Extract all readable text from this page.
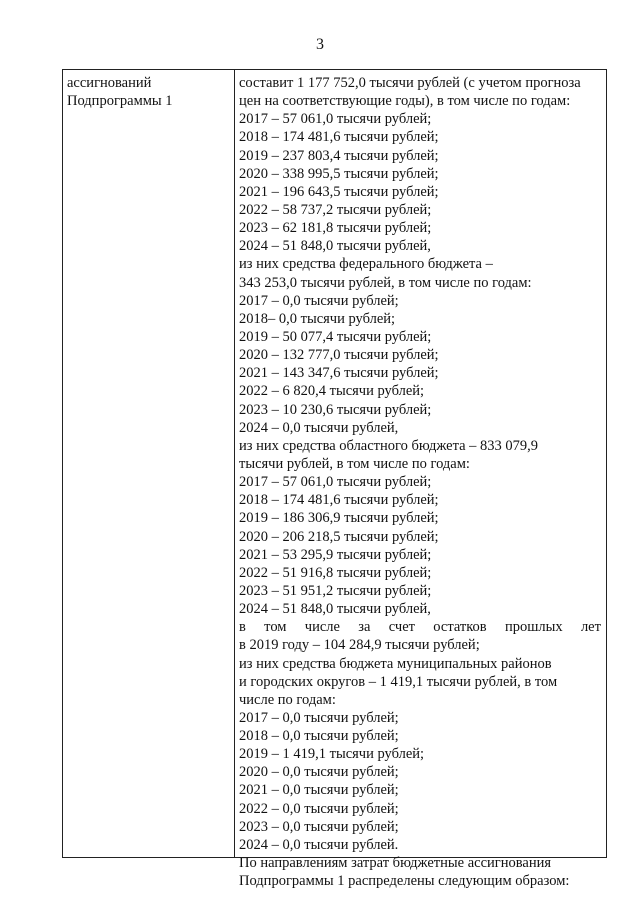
3
ассигнований
Подпрограммы 1
составит 1 177 752,0 тысячи рублей (с учетом прогноза
цен на соответствующие годы), в том числе по годам:
2017 – 57 061,0 тысячи рублей;
2018 – 174 481,6 тысячи рублей;
2019 – 237 803,4 тысячи рублей;
2020 – 338 995,5 тысячи рублей;
2021 – 196 643,5 тысячи рублей;
2022 – 58 737,2 тысячи рублей;
2023 – 62 181,8 тысячи рублей;
2024 – 51 848,0 тысячи рублей,
из них средства федерального бюджета –
343 253,0 тысячи рублей, в том числе по годам:
2017 – 0,0 тысячи рублей;
2018– 0,0 тысячи рублей;
2019 – 50 077,4 тысячи рублей;
2020 – 132 777,0 тысячи рублей;
2021 – 143 347,6 тысячи рублей;
2022 – 6 820,4 тысячи рублей;
2023 – 10 230,6 тысячи рублей;
2024 – 0,0 тысячи рублей,
из них средства областного бюджета – 833 079,9
тысячи рублей, в том числе по годам:
2017 – 57 061,0 тысячи рублей;
2018 – 174 481,6 тысячи рублей;
2019 – 186 306,9 тысячи рублей;
2020 – 206 218,5 тысячи рублей;
2021 – 53 295,9 тысячи рублей;
2022 – 51 916,8 тысячи рублей;
2023 – 51 951,2 тысячи рублей;
2024 – 51 848,0 тысячи рублей,
в том числе за счет остатков прошлых лет
в 2019 году – 104 284,9 тысячи рублей;
из них средства бюджета муниципальных районов
и городских округов – 1 419,1 тысячи рублей, в том
числе по годам:
2017 – 0,0 тысячи рублей;
2018 – 0,0 тысячи рублей;
2019 – 1 419,1 тысячи рублей;
2020 – 0,0 тысячи рублей;
2021 – 0,0 тысячи рублей;
2022 – 0,0 тысячи рублей;
2023 – 0,0 тысячи рублей;
2024 – 0,0 тысячи рублей.
По направлениям затрат бюджетные ассигнования
Подпрограммы 1 распределены следующим образом:
